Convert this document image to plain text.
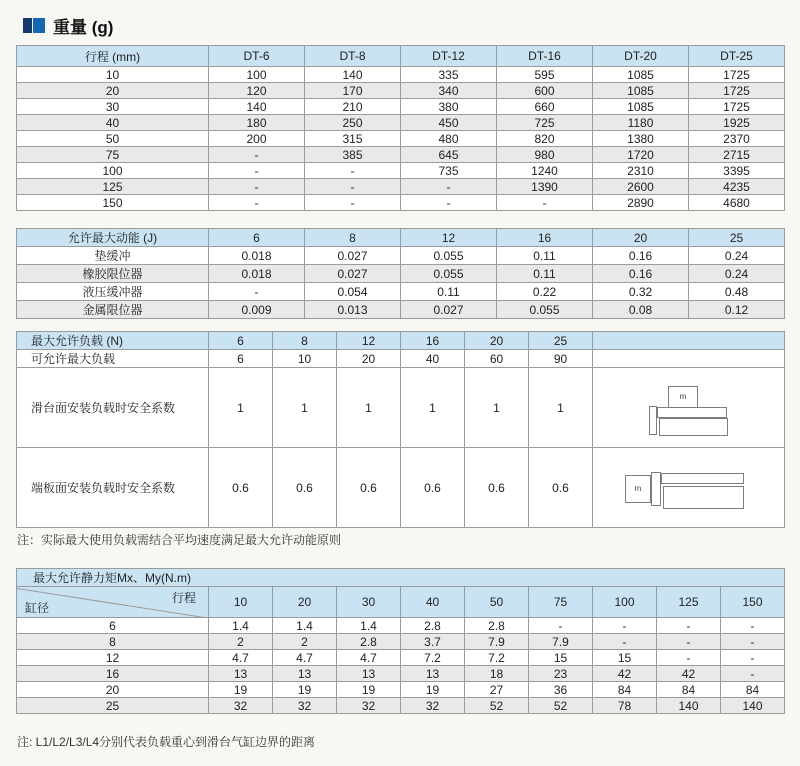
重量 (g)
行程 (mm)	DT-6	DT-8	DT-12	DT-16	DT-20	DT-25
10	100	140	335	595	1085	1725
20	120	170	340	600	1085	1725
30	140	210	380	660	1085	1725
40	180	250	450	725	1180	1925
50	200	315	480	820	1380	2370
75	-	385	645	980	1720	2715
100	-	-	735	1240	2310	3395
125	-	-	-	1390	2600	4235
150	-	-	-	-	2890	4680
允许最大动能 (J)	6	8	12	16	20	25
垫缓冲	0.018	0.027	0.055	0.11	0.16	0.24
橡胶限位器	0.018	0.027	0.055	0.11	0.16	0.24
液压缓冲器	-	0.054	0.11	0.22	0.32	0.48
金属限位器	0.009	0.013	0.027	0.055	0.08	0.12
最大允许负载 (N)	6	8	12	16	20	25	
可允许最大负载	6	10	20	40	60	90	
滑台面安装负载时安全系数	1	1	1	1	1	1	m

端板面安装负载时安全系数	0.6	0.6	0.6	0.6	0.6	0.6	m

注：实际最大使用负载需结合平均速度满足最大允许动能原则

最大允许静力矩Mx、My(N.m)									

行程
缸径	10	20	30	40	50	75	100	125	150
6	1.4	1.4	1.4	2.8	2.8	-	-	-	-
8	2	2	2.8	3.7	7.9	7.9	-	-	-
12	4.7	4.7	4.7	7.2	7.2	15	15	-	-
16	13	13	13	13	18	23	42	42	-
20	19	19	19	19	27	36	84	84	84
25	32	32	32	32	52	52	78	140	140

注: L1/L2/L3/L4分别代表负载重心到滑台气缸边界的距离
